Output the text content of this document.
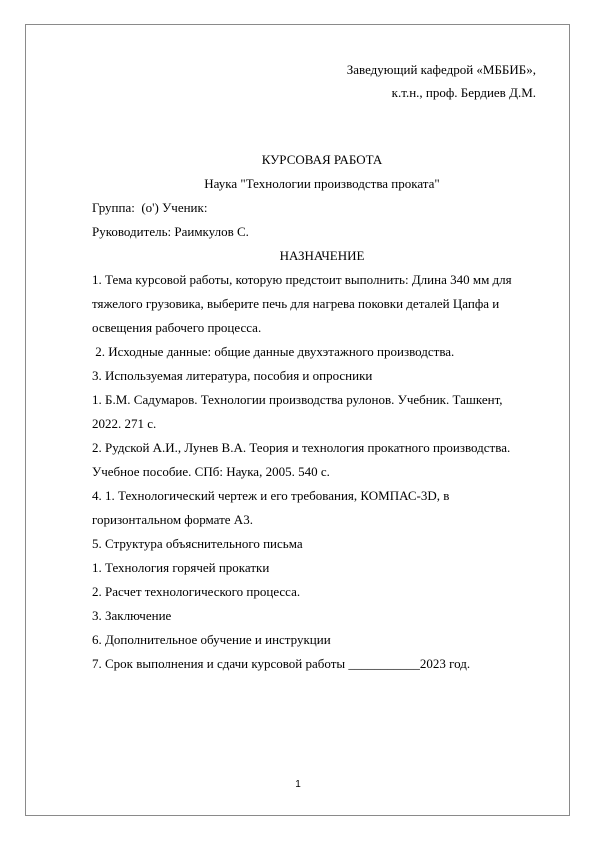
Заведующий кафедрой «МББИБ»,
к.т.н., проф. Бердиев Д.М.
КУРСОВАЯ РАБОТА
Наука "Технологии производства проката"
Группа:  (о') Ученик:
Руководитель: Раимкулов С.
НАЗНАЧЕНИЕ
1. Тема курсовой работы, которую предстоит выполнить: Длина 340 мм для
тяжелого грузовика, выберите печь для нагрева поковки деталей Цапфа и
освещения рабочего процесса.
2. Исходные данные: общие данные двухэтажного производства.
3. Используемая литература, пособия и опросники
1. Б.М. Садумаров. Технологии производства рулонов. Учебник. Ташкент,
2022. 271 с.
2. Рудской А.И., Лунев В.А. Теория и технология прокатного производства.
Учебное пособие. СПб: Наука, 2005. 540 с.
4. 1. Технологический чертеж и его требования, КОМПАС-3D, в
горизонтальном формате А3.
5. Структура объяснительного письма
1. Технология горячей прокатки
2. Расчет технологического процесса.
3. Заключение
6. Дополнительное обучение и инструкции
7. Срок выполнения и сдачи курсовой работы ___________2023 год.
1
